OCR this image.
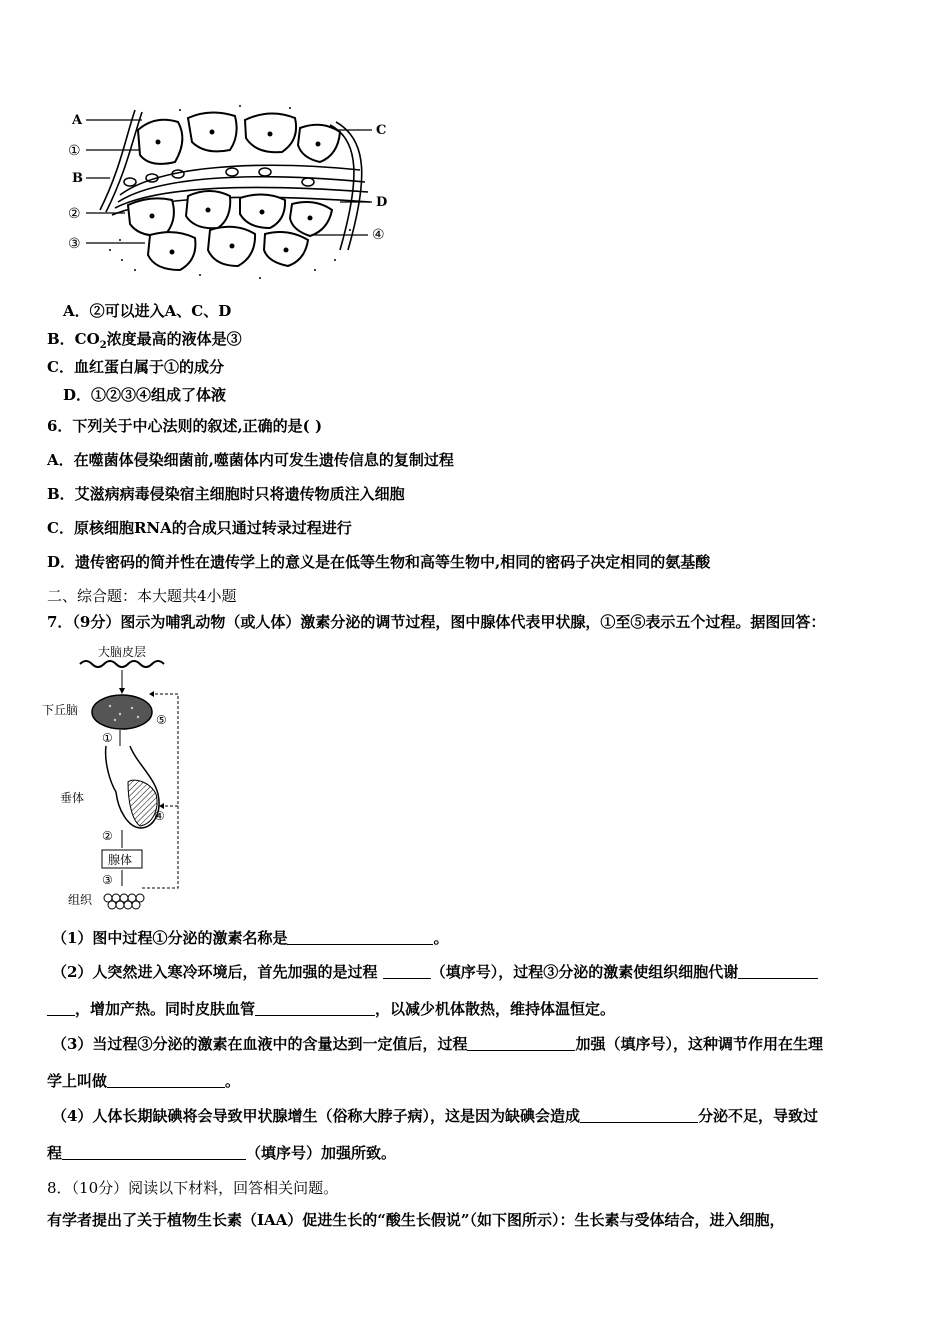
A
①
B
②
③
C
D
④
A．②可以进入A、C、D
B．$CO_2$浓度最高的液体是③
C．血红蛋白属于①的成分
D．①②③④组成了体液
6．下列关于中心法则的叙述,正确的是( )
A．在噬菌体侵染细菌前,噬菌体内可发生遗传信息的复制过程
B．艾滋病病毒侵染宿主细胞时只将遗传物质注入细胞
C．原核细胞RNA的合成只通过转录过程进行
D．遗传密码的简并性在遗传学上的意义是在低等生物和高等生物中,相同的密码子决定相同的氨基酸
二、综合题：本大题共4小题
7．（9分）图示为哺乳动物（或人体）激素分泌的调节过程，图中腺体代表甲状腺，①至⑤表示五个过程。据图回答：
大脑皮层
下丘脑
①
⑤
垂体
④
②
腺体
③
组织
（1）图中过程①分泌的激素名称是	。
（2）人突然进入寒冷环境后，首先加强的是过程	（填序号），过程③分泌的激素使组织细胞代谢
，增加产热。同时皮肤血管	，以减少机体散热，维持体温恒定。
（3）当过程③分泌的激素在血液中的含量达到一定值后，过程	加强（填序号），这种调节作用在生理
学上叫做	。
（4）人体长期缺碘将会导致甲状腺增生（俗称大脖子病），这是因为缺碘会造成	分泌不足，导致过
程	（填序号）加强所致。
8．（10分）阅读以下材料，回答相关问题。
有学者提出了关于植物生长素（IAA）促进生长的“酸生长假说”（如下图所示）：生长素与受体结合，进入细胞，
